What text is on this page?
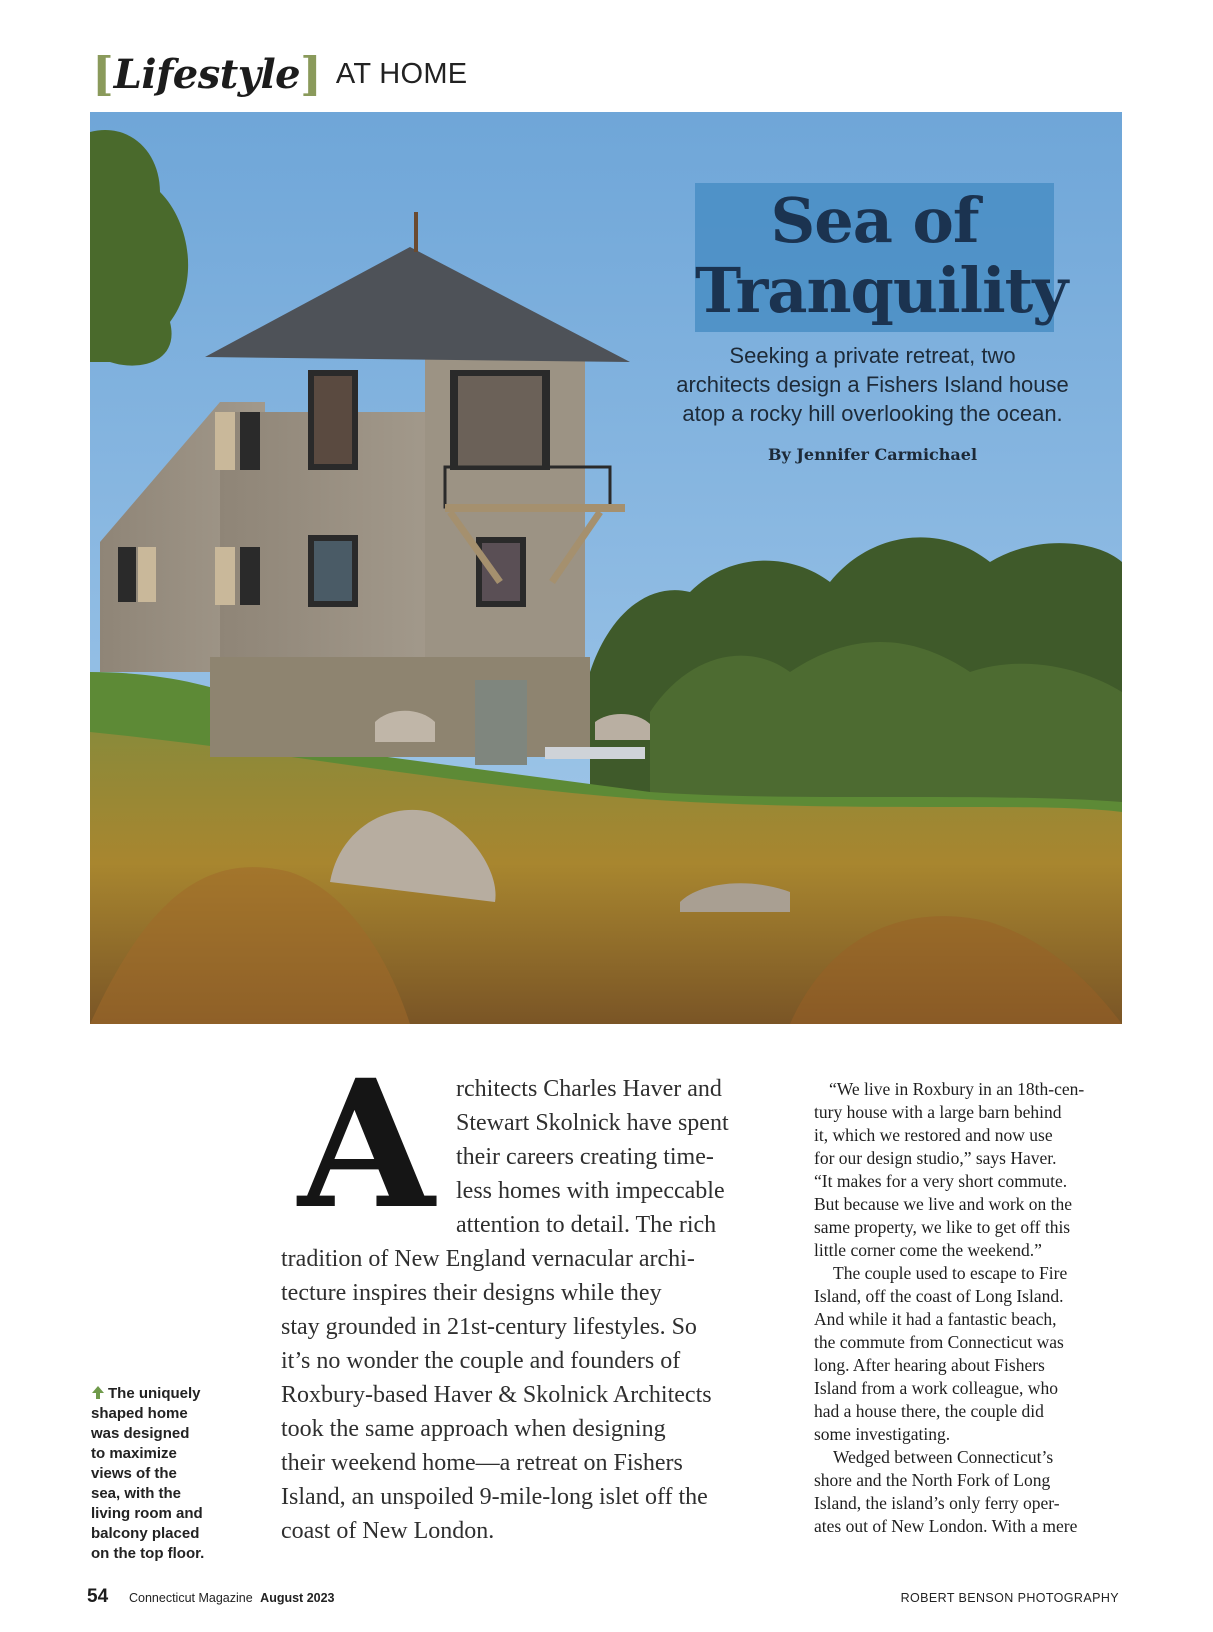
[ Lifestyle ] AT HOME
Sea of
Tranquility
Seeking a private retreat, two
architects design a Fishers Island house
atop a rocky hill overlooking the ocean.
By Jennifer Carmichael
A rchitects Charles Haver and
Stewart Skolnick have spent
their careers creating time-
less homes with impeccable
attention to detail. The rich
tradition of New England vernacular archi-
tecture inspires their designs while they
stay grounded in 21st-century lifestyles. So
it’s no wonder the couple and founders of
Roxbury-based Haver & Skolnick Architects
took the same approach when designing
their weekend home—a retreat on Fishers
Island, an unspoiled 9-mile-long islet off the
coast of New London.
“We live in Roxbury in an 18th-cen-
tury house with a large barn behind
it, which we restored and now use
for our design studio,” says Haver.
“It makes for a very short commute.
But because we live and work on the
same property, we like to get off this
little corner come the weekend.”
The couple used to escape to Fire
Island, off the coast of Long Island.
And while it had a fantastic beach,
the commute from Connecticut was
long. After hearing about Fishers
Island from a work colleague, who
had a house there, the couple did
some investigating.
Wedged between Connecticut’s
shore and the North Fork of Long
Island, the island’s only ferry oper-
ates out of New London. With a mere
The uniquely
shaped home
was designed
to maximize
views of the
sea, with the
living room and
balcony placed
on the top floor.
54 Connecticut Magazine August 2023	ROBERT BENSON PHOTOGRAPHY
